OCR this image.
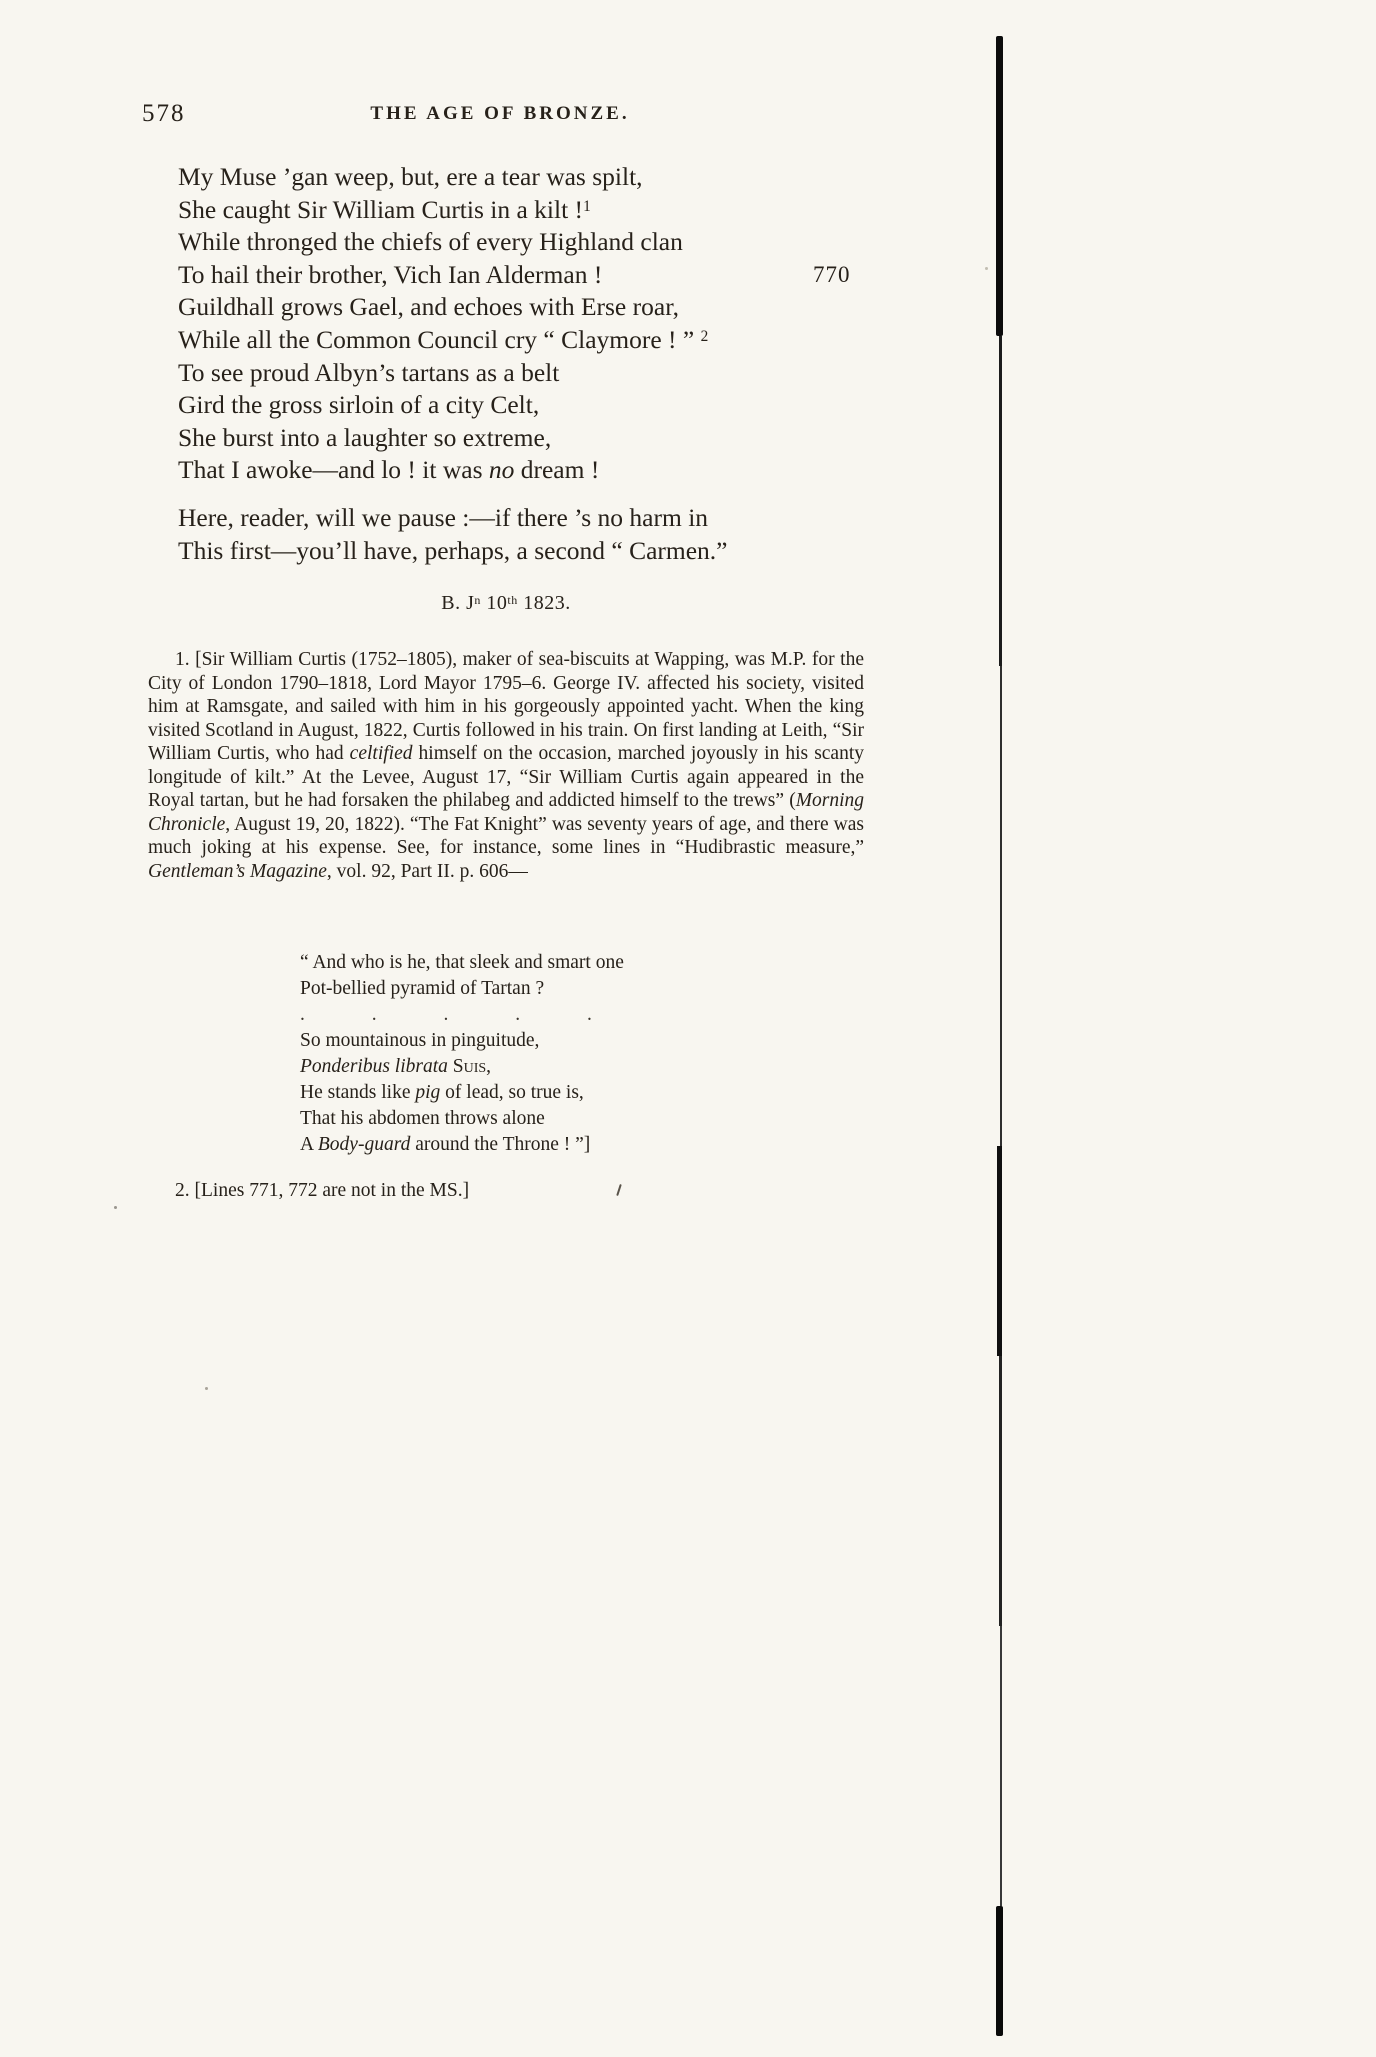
578	THE AGE OF BRONZE.
My Muse ’gan weep, but, ere a tear was spilt,
She caught Sir William Curtis in a kilt !$^1$
While thronged the chiefs of every Highland clan
To hail their brother, Vich Ian Alderman !
Guildhall grows Gael, and echoes with Erse roar,
While all the Common Council cry “ Claymore ! ” $^2$
To see proud Albyn’s tartans as a belt
Gird the gross sirloin of a city Celt,
She burst into a laughter so extreme,
That I awoke—and lo ! it was no dream !
770
Here, reader, will we pause :—if there ’s no harm in
This first—you’ll have, perhaps, a second “ Carmen.”
B. $J^n$ 10th 1823.

1. [Sir William Curtis (1752–1805), maker of sea-biscuits at Wapping, was M.P. for the City of London 1790–1818, Lord Mayor 1795–6. George IV. affected his society, visited him at Ramsgate, and sailed with him in his gorgeously appointed yacht. When the king visited Scotland in August, 1822, Curtis followed in his train. On first landing at Leith, “Sir William Curtis, who had celtified himself on the occasion, marched joyously in his scanty longitude of kilt.” At the Levee, August 17, “Sir William Curtis again appeared in the Royal tartan, but he had forsaken the philabeg and addicted himself to the trews” (Morning Chronicle, August 19, 20, 1822). “The Fat Knight” was seventy years of age, and there was much joking at his expense. See, for instance, some lines in “Hudibrastic measure,” Gentleman’s Magazine, vol. 92, Part II. p. 606—

“ And who is he, that sleek and smart one
Pot-bellied pyramid of Tartan ?
. . . . .
So mountainous in pinguitude,
Ponderibus librata Suis,
He stands like pig of lead, so true is,
That his abdomen throws alone
A Body-guard around the Throne ! ”]

2. [Lines 771, 772 are not in the MS.]
